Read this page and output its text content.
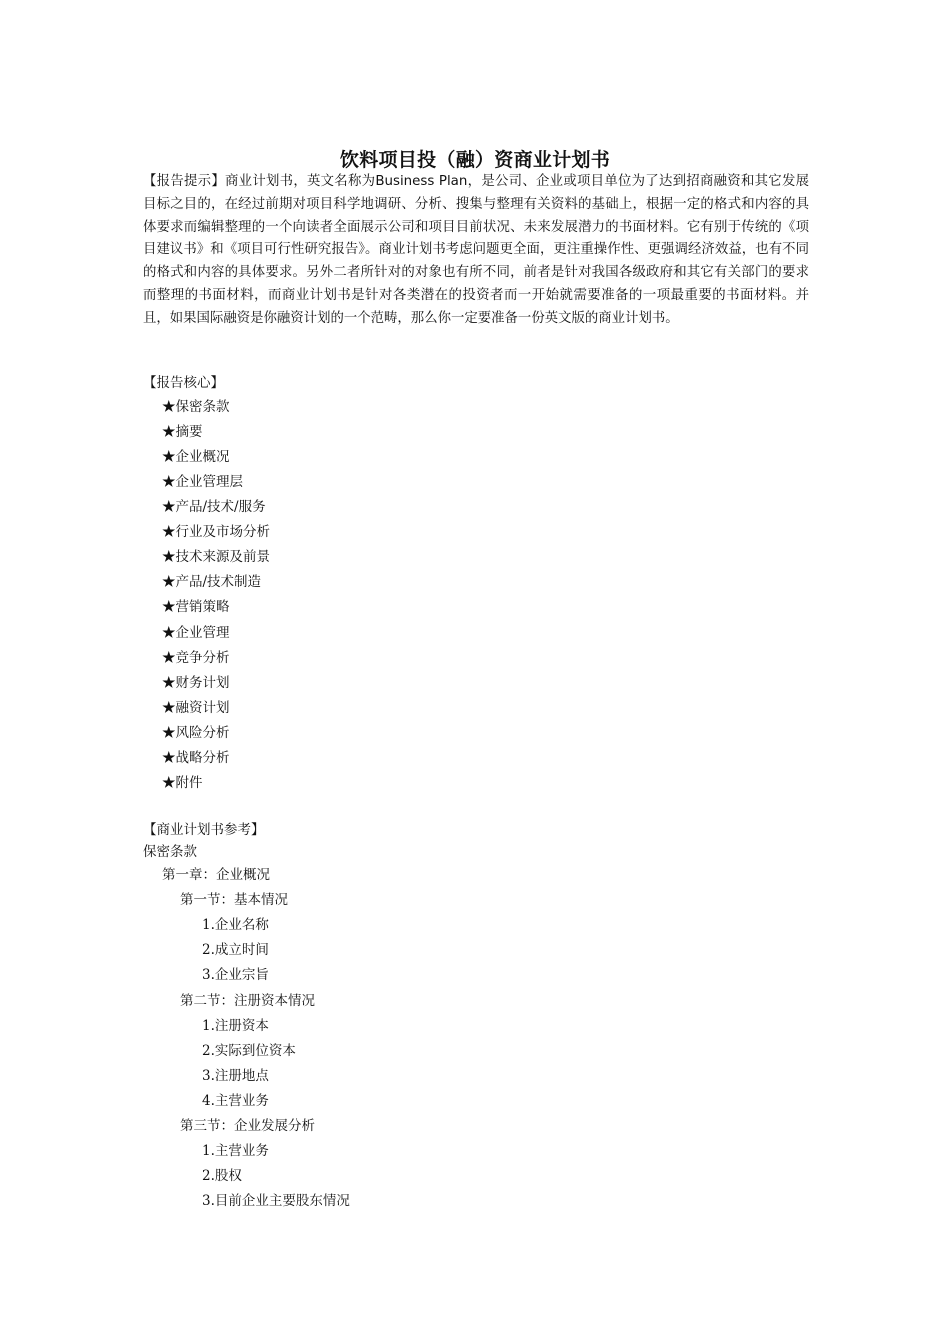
饮料项目投（融）资商业计划书
【报告提示】商业计划书，英文名称为Business Plan，是公司、企业或项目单位为了达到招商融资和其它发展目标之目的，在经过前期对项目科学地调研、分析、搜集与整理有关资料的基础上，根据一定的格式和内容的具体要求而编辑整理的一个向读者全面展示公司和项目目前状况、未来发展潜力的书面材料。它有别于传统的《项目建议书》和《项目可行性研究报告》。商业计划书考虑问题更全面，更注重操作性、更强调经济效益，也有不同的格式和内容的具体要求。另外二者所针对的对象也有所不同，前者是针对我国各级政府和其它有关部门的要求而整理的书面材料，而商业计划书是针对各类潜在的投资者而一开始就需要准备的一项最重要的书面材料。并且，如果国际融资是你融资计划的一个范畴，那么你一定要准备一份英文版的商业计划书。
【报告核心】
★保密条款
★摘要
★企业概况
★企业管理层
★产品/技术/服务
★行业及市场分析
★技术来源及前景
★产品/技术制造
★营销策略
★企业管理
★竞争分析
★财务计划
★融资计划
★风险分析
★战略分析
★附件
【商业计划书参考】
保密条款
第一章：企业概况
第一节：基本情况
1.企业名称
2.成立时间
3.企业宗旨
第二节：注册资本情况
1.注册资本
2.实际到位资本
3.注册地点
4.主营业务
第三节：企业发展分析
1.主营业务
2.股权
3.目前企业主要股东情况
